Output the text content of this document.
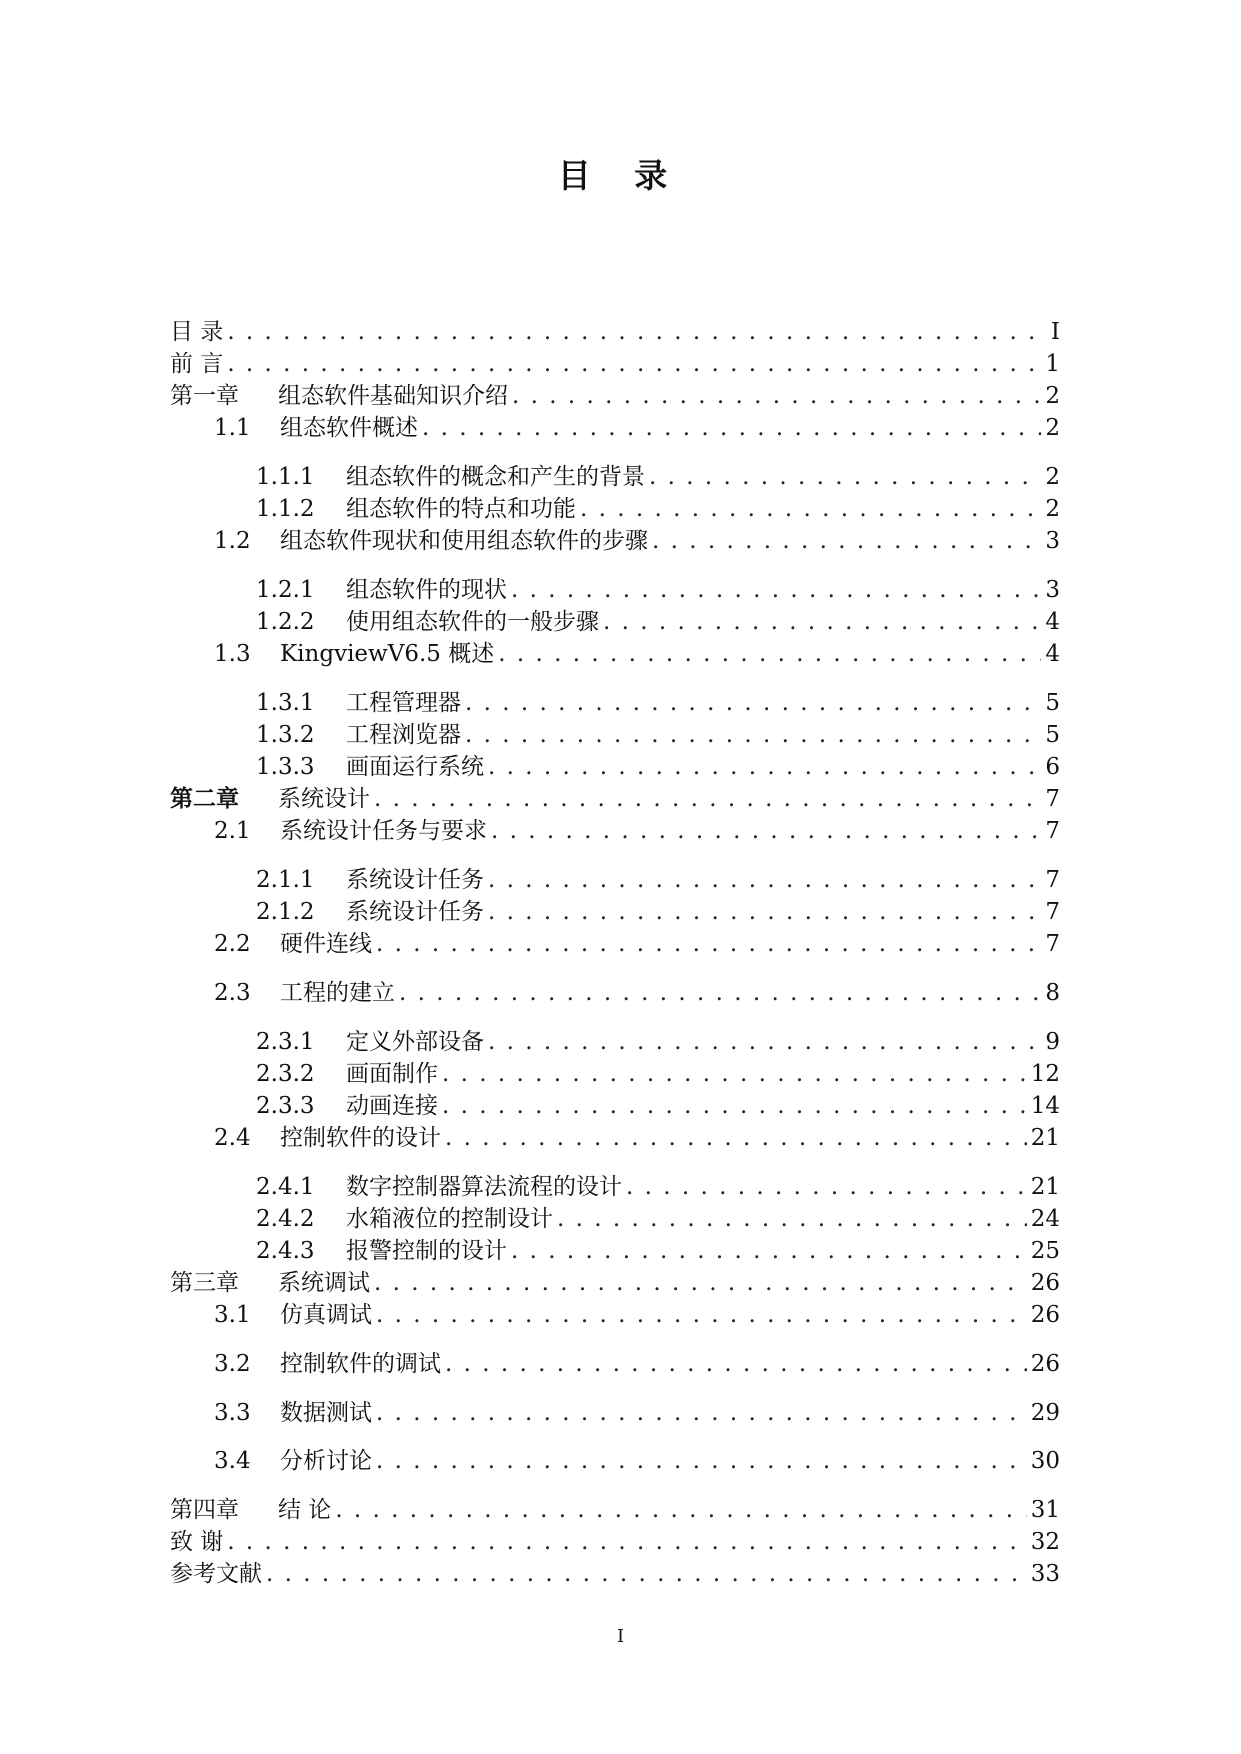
目 录
目 录 . . .	I
前 言 . . .	1
第一章	组态软件基础知识介绍 . . .	2
1.1	组态软件概述 . . .	2
1.1.1	组态软件的概念和产生的背景 . . .	2
1.1.2	组态软件的特点和功能 . . .	2
1.2	组态软件现状和使用组态软件的步骤 . . .	3
1.2.1	组态软件的现状 . . .	3
1.2.2	使用组态软件的一般步骤 . . .	4
1.3	KingviewV6.5 概述 . . .	4
1.3.1	工程管理器 . . .	5
1.3.2	工程浏览器 . . .	5
1.3.3	画面运行系统 . . .	6
第二章	系统设计 . . .	7
2.1	系统设计任务与要求 . . .	7
2.1.1	系统设计任务 . . .	7
2.1.2	系统设计任务 . . .	7
2.2	硬件连线 . . .	7
2.3	工程的建立 . . .	8
2.3.1	定义外部设备 . . .	9
2.3.2	画面制作 . . .	12
2.3.3	动画连接 . . .	14
2.4	控制软件的设计 . . .	21
2.4.1	数字控制器算法流程的设计 . . .	21
2.4.2	水箱液位的控制设计 . . .	24
2.4.3	报警控制的设计 . . .	25
第三章	系统调试 . . .	26
3.1	仿真调试 . . .	26
3.2	控制软件的调试 . . .	26
3.3	数据测试 . . .	29
3.4	分析讨论 . . .	30
第四章	结 论 . . .	31
致 谢 . . .	32
参考文献 . . .	33
I
